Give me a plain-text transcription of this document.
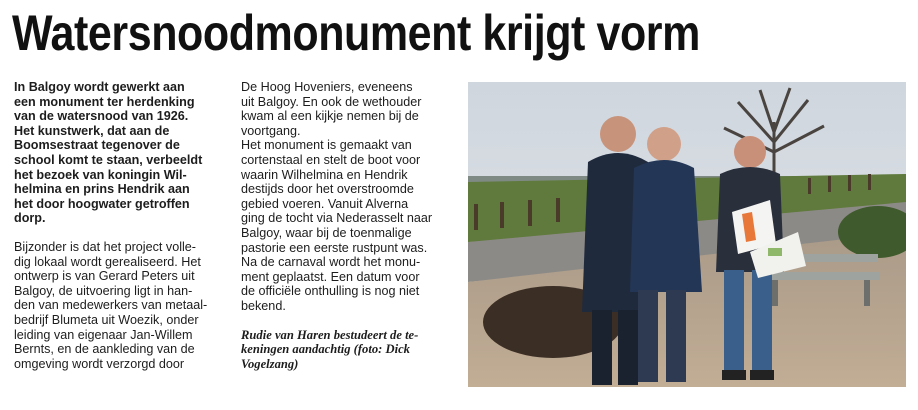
Watersnoodmonument krijgt vorm

In Balgoy wordt gewerkt aan
een monument ter herdenking
van de watersnood van 1926.
Het kunstwerk, dat aan de
Boomsestraat tegenover de
school komt te staan, verbeeldt
het bezoek van koningin Wil-
helmina en prins Hendrik aan
het door hoogwater getroffen
dorp.

Bijzonder is dat het project volle-
dig lokaal wordt gerealiseerd. Het
ontwerp is van Gerard Peters uit
Balgoy, de uitvoering ligt in han-
den van medewerkers van metaal-
bedrijf Blumeta uit Woezik, onder
leiding van eigenaar Jan-Willem
Bernts, en de aankleding van de
omgeving wordt verzorgd door

De Hoog Hoveniers, eveneens
uit Balgoy. En ook de wethouder
kwam al een kijkje nemen bij de
voortgang.

Het monument is gemaakt van
cortenstaal en stelt de boot voor
waarin Wilhelmina en Hendrik
destijds door het overstroomde
gebied voeren. Vanuit Alverna
ging de tocht via Nederasselt naar
Balgoy, waar bij de toenmalige
pastorie een eerste rustpunt was.
Na de carnaval wordt het monu-
ment geplaatst. Een datum voor
de officiële onthulling is nog niet
bekend.

Rudie van Haren bestudeert de te-
keningen aandachtig (foto: Dick
Vogelzang)
